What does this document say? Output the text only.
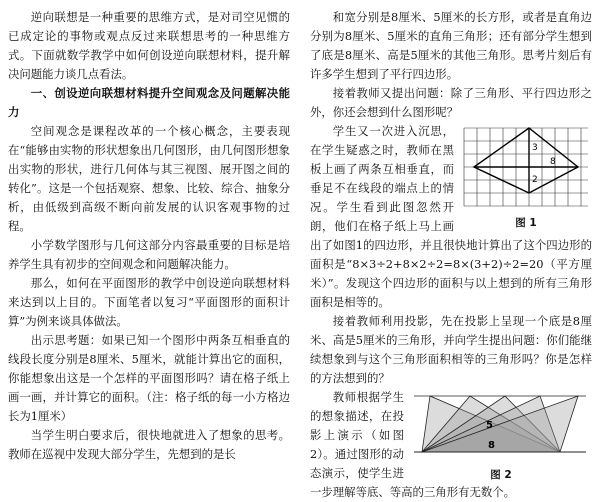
逆向联想是一种重要的思维方式，是对司空见惯的已成定论的事物或观点反过来联想思考的一种思维方式。下面就数学教学中如何创设逆向联想材料，提升解决问题能力谈几点看法。

一、创设逆向联想材料提升空间观念及问题解决能力

空间观念是课程改革的一个核心概念，主要表现在“能够由实物的形状想象出几何图形，由几何图形想象出实物的形状，进行几何体与其三视图、展开图之间的转化”。这是一个包括观察、想象、比较、综合、抽象分析，由低级到高级不断向前发展的认识客观事物的过程。

小学数学图形与几何这部分内容最重要的目标是培养学生具有初步的空间观念和问题解决能力。

那么，如何在平面图形的教学中创设逆向联想材料来达到以上目的。下面笔者以复习“平面图形的面积计算”为例来谈具体做法。

出示思考题：如果已知一个图形中两条互相垂直的线段长度分别是8厘米、5厘米，就能计算出它的面积，你能想象出这是一个怎样的平面图形吗？请在格子纸上画一画，并计算它的面积。（注：格子纸的每一小方格边长为1厘米）

当学生明白要求后，很快地就进入了想象的思考。教师在巡视中发现大部分学生，先想到的是长

和宽分别是8厘米、5厘米的长方形，或者是直角边分别为8厘米、5厘米的直角三角形；还有部分学生想到了底是8厘米、高是5厘米的其他三角形。思考片刻后有许多学生想到了平行四边形。

接着教师又提出问题：除了三角形、平行四边形之外，你还会想到什么图形呢？

3
8
2
图 1

学生又一次进入沉思，在学生疑惑之时，教师在黑板上画了两条互相垂直，而垂足不在线段的端点上的情况。学生看到此图忽然开朗，他们在格子纸上马上画出了如图1的四边形，并且很快地计算出了这个四边形的面积是“8×3÷2+8×2÷2=8×(3+2)÷2=20（平方厘米）”。发现这个四边形的面积与以上想到的所有三角形面积是相等的。

接着教师利用投影，先在投影上呈现一个底是8厘米、高是5厘米的三角形，并向学生提出问题：你们能继续想象到与这个三角形面积相等的三角形吗？你是怎样的方法想到的？

5
8
图 2

教师根据学生的想象描述，在投影上演示（如图2）。通过图形的动态演示，使学生进一步理解等底、等高的三角形有无数个。
